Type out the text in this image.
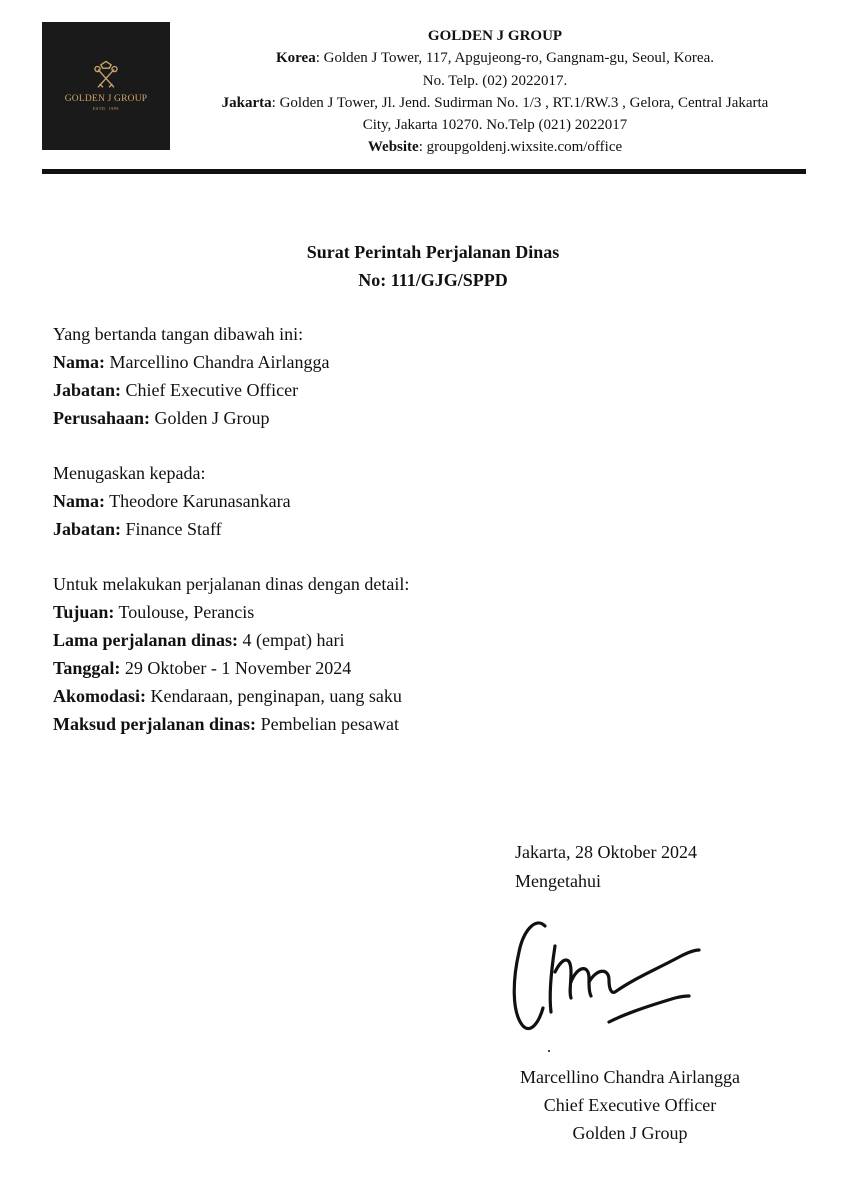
GOLDEN J GROUP
ESTD. 1999
GOLDEN J GROUP
Korea: Golden J Tower, 117, Apgujeong-ro, Gangnam-gu, Seoul, Korea.
No. Telp. (02) 2022017.
Jakarta: Golden J Tower, Jl. Jend. Sudirman No. 1/3 , RT.1/RW.3 , Gelora, Central Jakarta
City, Jakarta 10270. No.Telp (021) 2022017
Website: groupgoldenj.wixsite.com/office
Surat Perintah Perjalanan Dinas
No: 111/GJG/SPPD
Yang bertanda tangan dibawah ini:
Nama: Marcellino Chandra Airlangga
Jabatan: Chief Executive Officer
Perusahaan: Golden J Group
Menugaskan kepada:
Nama: Theodore Karunasankara
Jabatan: Finance Staff
Untuk melakukan perjalanan dinas dengan detail:
Tujuan: Toulouse, Perancis
Lama perjalanan dinas: 4 (empat) hari
Tanggal: 29 Oktober - 1 November 2024
Akomodasi: Kendaraan, penginapan, uang saku
Maksud perjalanan dinas: Pembelian pesawat
Jakarta, 28 Oktober 2024
Mengetahui
Marcellino Chandra Airlangga
Chief Executive Officer
Golden J Group
